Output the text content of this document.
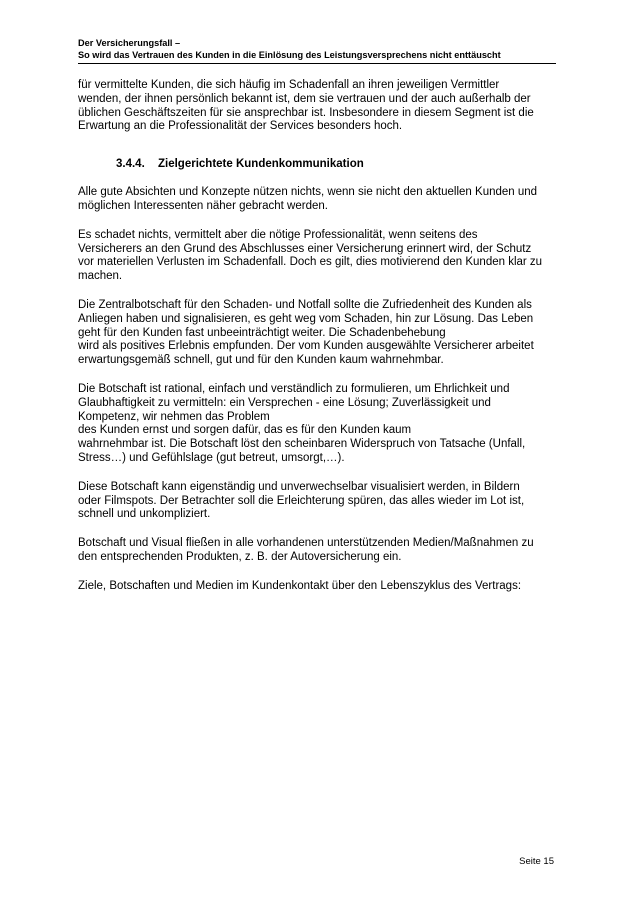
Der Versicherungsfall –
So wird das Vertrauen des Kunden in die Einlösung des Leistungsversprechens nicht enttäuscht
für vermittelte Kunden, die sich häufig im Schadenfall an ihren jeweiligen Vermittler
wenden, der ihnen persönlich bekannt ist, dem sie vertrauen und der auch außerhalb der
üblichen Geschäftszeiten für sie ansprechbar ist. Insbesondere in diesem Segment ist die
Erwartung an die Professionalität der Services besonders hoch.
3.4.4. Zielgerichtete Kundenkommunikation
Alle gute Absichten und Konzepte nützen nichts, wenn sie nicht den aktuellen Kunden und
möglichen Interessenten näher gebracht werden.
Es schadet nichts, vermittelt aber die nötige Professionalität, wenn seitens des
Versicherers an den Grund des Abschlusses einer Versicherung erinnert wird, der Schutz
vor materiellen Verlusten im Schadenfall. Doch es gilt, dies motivierend den Kunden klar zu
machen.
Die Zentralbotschaft für den Schaden- und Notfall sollte die Zufriedenheit des Kunden als
Anliegen haben und signalisieren, es geht weg vom Schaden, hin zur Lösung. Das Leben
geht für den Kunden fast unbeeinträchtigt weiter. Die Schadenbehebung
wird als positives Erlebnis empfunden. Der vom Kunden ausgewählte Versicherer arbeitet
erwartungsgemäß schnell, gut und für den Kunden kaum wahrnehmbar.
Die Botschaft ist rational, einfach und verständlich zu formulieren, um Ehrlichkeit und
Glaubhaftigkeit zu vermitteln: ein Versprechen - eine Lösung; Zuverlässigkeit und
Kompetenz, wir nehmen das Problem
des Kunden ernst und sorgen dafür, das es für den Kunden kaum
wahrnehmbar ist. Die Botschaft löst den scheinbaren Widerspruch von Tatsache (Unfall,
Stress…) und Gefühlslage (gut betreut, umsorgt,…).
Diese Botschaft kann eigenständig und unverwechselbar visualisiert werden, in Bildern
oder Filmspots. Der Betrachter soll die Erleichterung spüren, das alles wieder im Lot ist,
schnell und unkompliziert.
Botschaft und Visual fließen in alle vorhandenen unterstützenden Medien/Maßnahmen zu
den entsprechenden Produkten, z. B. der Autoversicherung ein.
Ziele, Botschaften und Medien im Kundenkontakt über den Lebenszyklus des Vertrags:
Seite 15
